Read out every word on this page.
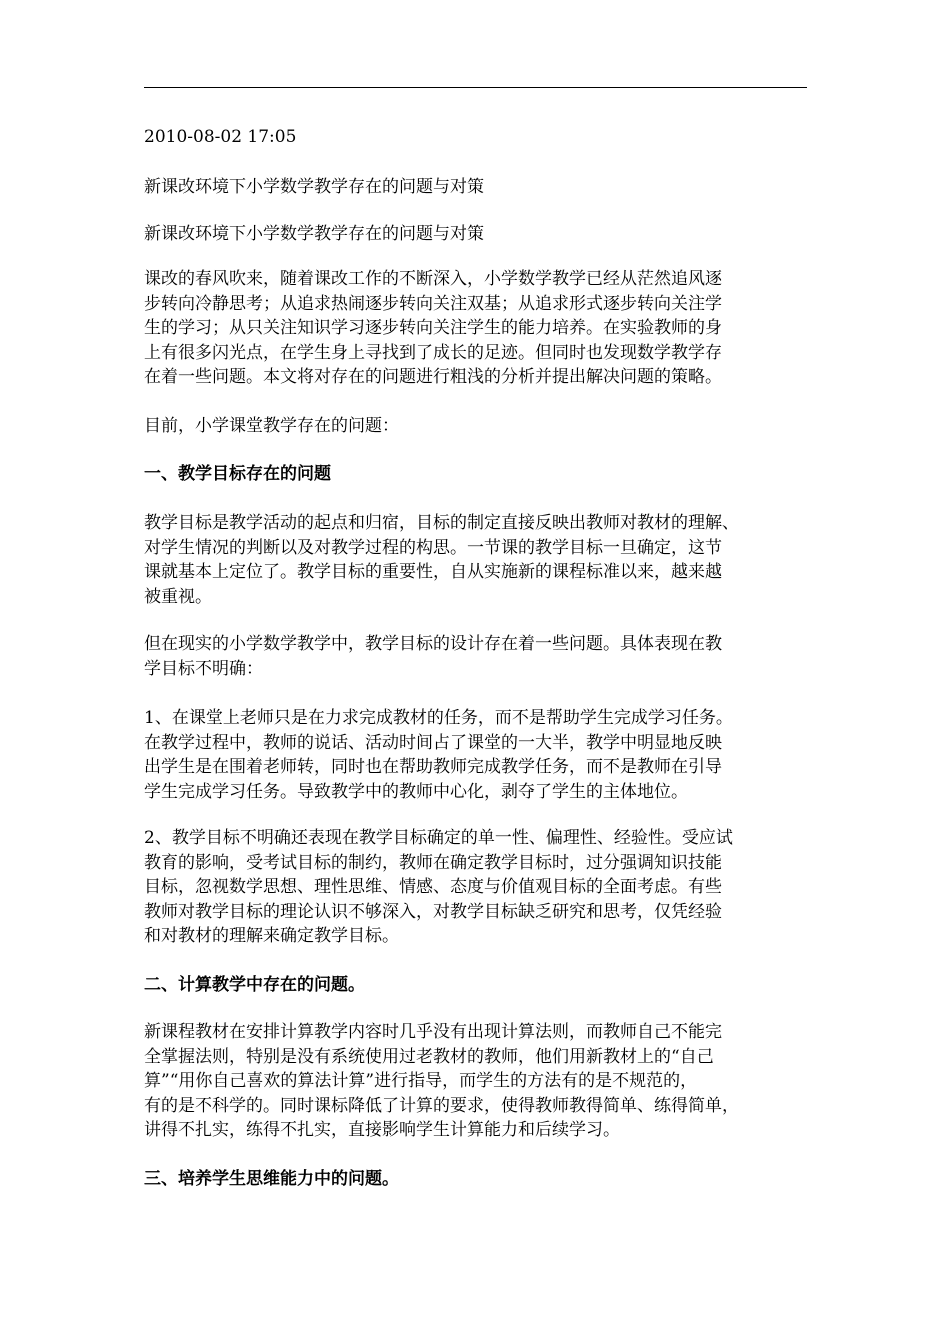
2010-08-02 17:05

新课改环境下小学数学教学存在的问题与对策

新课改环境下小学数学教学存在的问题与对策

课改的春风吹来，随着课改工作的不断深入，小学数学教学已经从茫然追风逐
步转向冷静思考；从追求热闹逐步转向关注双基；从追求形式逐步转向关注学
生的学习；从只关注知识学习逐步转向关注学生的能力培养。在实验教师的身
上有很多闪光点，在学生身上寻找到了成长的足迹。但同时也发现数学教学存
在着一些问题。本文将对存在的问题进行粗浅的分析并提出解决问题的策略。

目前，小学课堂教学存在的问题：

一、教学目标存在的问题

教学目标是教学活动的起点和归宿，目标的制定直接反映出教师对教材的理解、
对学生情况的判断以及对教学过程的构思。一节课的教学目标一旦确定，这节
课就基本上定位了。教学目标的重要性，自从实施新的课程标准以来，越来越
被重视。

但在现实的小学数学教学中，教学目标的设计存在着一些问题。具体表现在教
学目标不明确：

1、在课堂上老师只是在力求完成教材的任务，而不是帮助学生完成学习任务。
在教学过程中，教师的说话、活动时间占了课堂的一大半，教学中明显地反映
出学生是在围着老师转，同时也在帮助教师完成教学任务，而不是教师在引导
学生完成学习任务。导致教学中的教师中心化，剥夺了学生的主体地位。

2、教学目标不明确还表现在教学目标确定的单一性、偏理性、经验性。受应试
教育的影响，受考试目标的制约，教师在确定教学目标时，过分强调知识技能
目标，忽视数学思想、理性思维、情感、态度与价值观目标的全面考虑。有些
教师对教学目标的理论认识不够深入，对教学目标缺乏研究和思考，仅凭经验
和对教材的理解来确定教学目标。

二、计算教学中存在的问题。

新课程教材在安排计算教学内容时几乎没有出现计算法则，而教师自己不能完
全掌握法则，特别是没有系统使用过老教材的教师，他们用新教材上的“自己
算”“用你自己喜欢的算法计算”进行指导，而学生的方法有的是不规范的，
有的是不科学的。同时课标降低了计算的要求，使得教师教得简单、练得简单，
讲得不扎实，练得不扎实，直接影响学生计算能力和后续学习。

三、培养学生思维能力中的问题。
